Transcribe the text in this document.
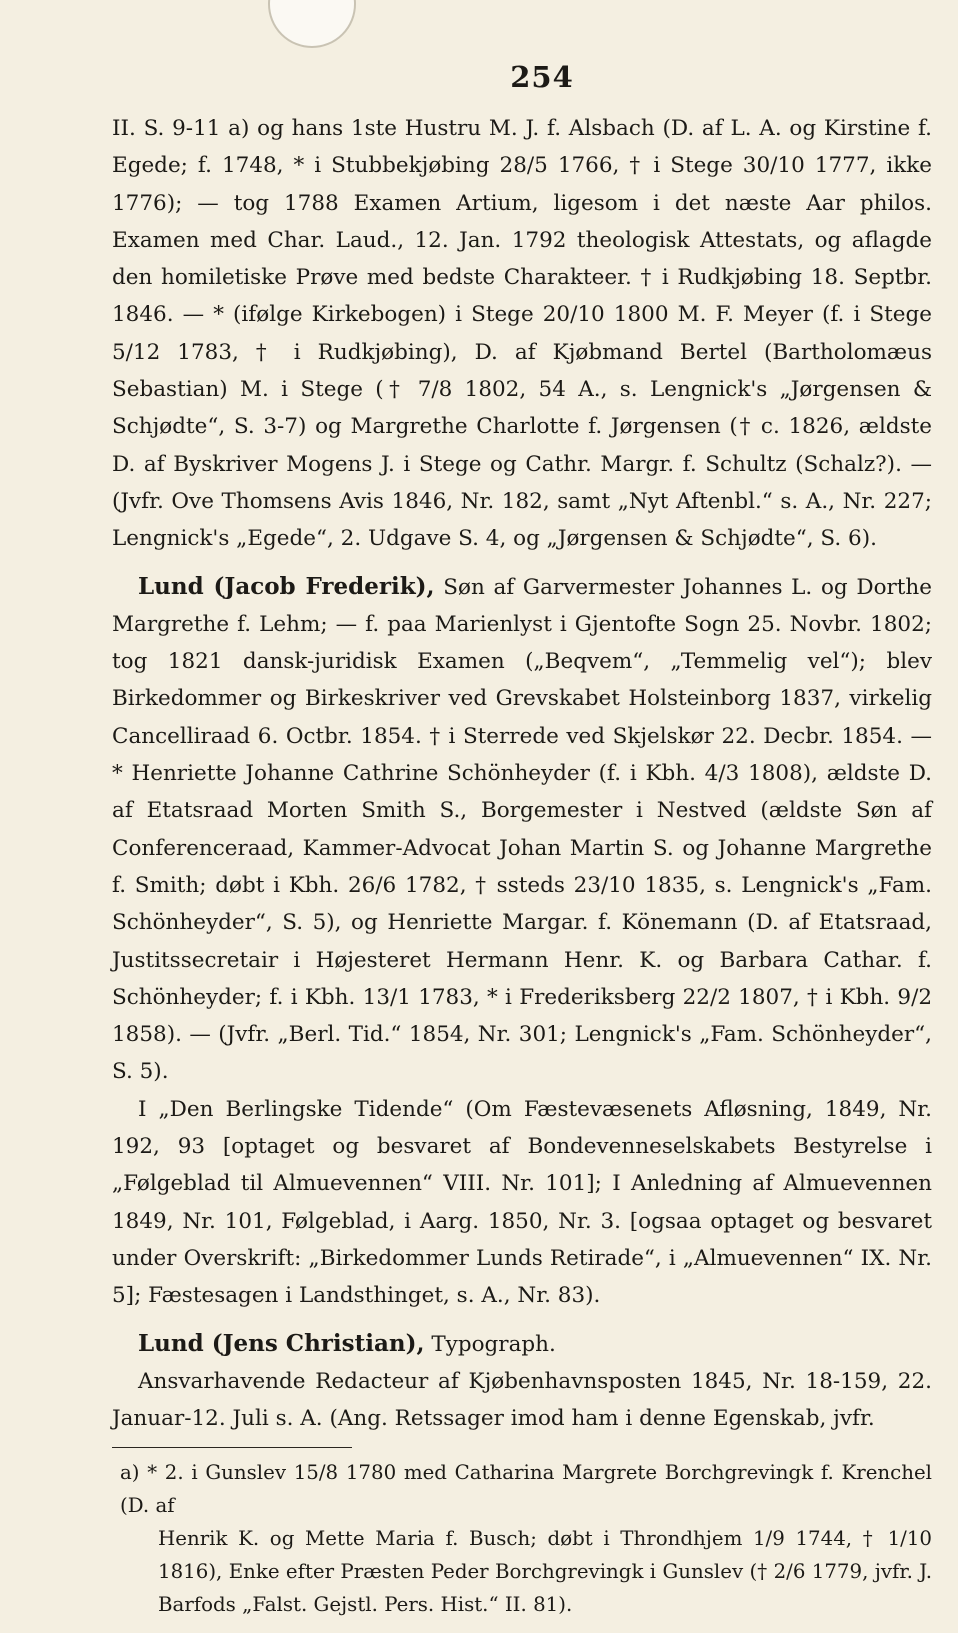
254

II. S. 9-11 a) og hans 1ste Hustru M. J. f. Alsbach (D. af L. A. og Kirstine f. Egede; f. 1748, * i Stubbekjøbing 28/5 1766, † i Stege 30/10 1777, ikke 1776); — tog 1788 Examen Artium, ligesom i det næste Aar philos. Examen med Char. Laud., 12. Jan. 1792 theologisk Attestats, og aflagde den homiletiske Prøve med bedste Charakteer. † i Rudkjøbing 18. Septbr. 1846. — * (ifølge Kirkebogen) i Stege 20/10 1800 M. F. Meyer (f. i Stege 5/12 1783, † i Rudkjøbing), D. af Kjøbmand Bertel (Bartholomæus Sebastian) M. i Stege († 7/8 1802, 54 A., s. Lengnick's „Jørgensen & Schjødte“, S. 3-7) og Margrethe Charlotte f. Jørgensen († c. 1826, ældste D. af Byskriver Mogens J. i Stege og Cathr. Margr. f. Schultz (Schalz?). — (Jvfr. Ove Thomsens Avis 1846, Nr. 182, samt „Nyt Aftenbl.“ s. A., Nr. 227; Lengnick's „Egede“, 2. Udgave S. 4, og „Jørgensen & Schjødte“, S. 6).

Lund (Jacob Frederik), Søn af Garvermester Johannes L. og Dorthe Margrethe f. Lehm; — f. paa Marienlyst i Gjentofte Sogn 25. Novbr. 1802; tog 1821 dansk-juridisk Examen („Beqvem“, „Temmelig vel“); blev Birkedommer og Birkeskriver ved Grevskabet Holsteinborg 1837, virkelig Cancelliraad 6. Octbr. 1854. † i Sterrede ved Skjelskør 22. Decbr. 1854. — * Henriette Johanne Cathrine Schönheyder (f. i Kbh. 4/3 1808), ældste D. af Etatsraad Morten Smith S., Borgemester i Nestved (ældste Søn af Conferenceraad, Kammer-Advocat Johan Martin S. og Johanne Margrethe f. Smith; døbt i Kbh. 26/6 1782, † ssteds 23/10 1835, s. Lengnick's „Fam. Schönheyder“, S. 5), og Henriette Margar. f. Könemann (D. af Etatsraad, Justitssecretair i Højesteret Hermann Henr. K. og Barbara Cathar. f. Schönheyder; f. i Kbh. 13/1 1783, * i Frederiksberg 22/2 1807, † i Kbh. 9/2 1858). — (Jvfr. „Berl. Tid.“ 1854, Nr. 301; Lengnick's „Fam. Schönheyder“, S. 5).

I „Den Berlingske Tidende“ (Om Fæstevæsenets Afløsning, 1849, Nr. 192, 93 [optaget og besvaret af Bondevenneselskabets Bestyrelse i „Følgeblad til Almuevennen“ VIII. Nr. 101]; I Anledning af Almuevennen 1849, Nr. 101, Følgeblad, i Aarg. 1850, Nr. 3. [ogsaa optaget og besvaret under Overskrift: „Birkedommer Lunds Retirade“, i „Almuevennen“ IX. Nr. 5]; Fæstesagen i Landsthinget, s. A., Nr. 83).

Lund (Jens Christian), Typograph.

Ansvarhavende Redacteur af Kjøbenhavnsposten 1845, Nr. 18-159, 22. Januar-12. Juli s. A. (Ang. Retssager imod ham i denne Egenskab, jvfr.

a) * 2. i Gunslev 15/8 1780 med Catharina Margrete Borchgrevingk f. Krenchel (D. af

Henrik K. og Mette Maria f. Busch; døbt i Throndhjem 1/9 1744, † 1/10 1816), Enke efter Præsten Peder Borchgrevingk i Gunslev († 2/6 1779, jvfr. J. Barfods „Falst. Gejstl. Pers. Hist.“ II. 81).
